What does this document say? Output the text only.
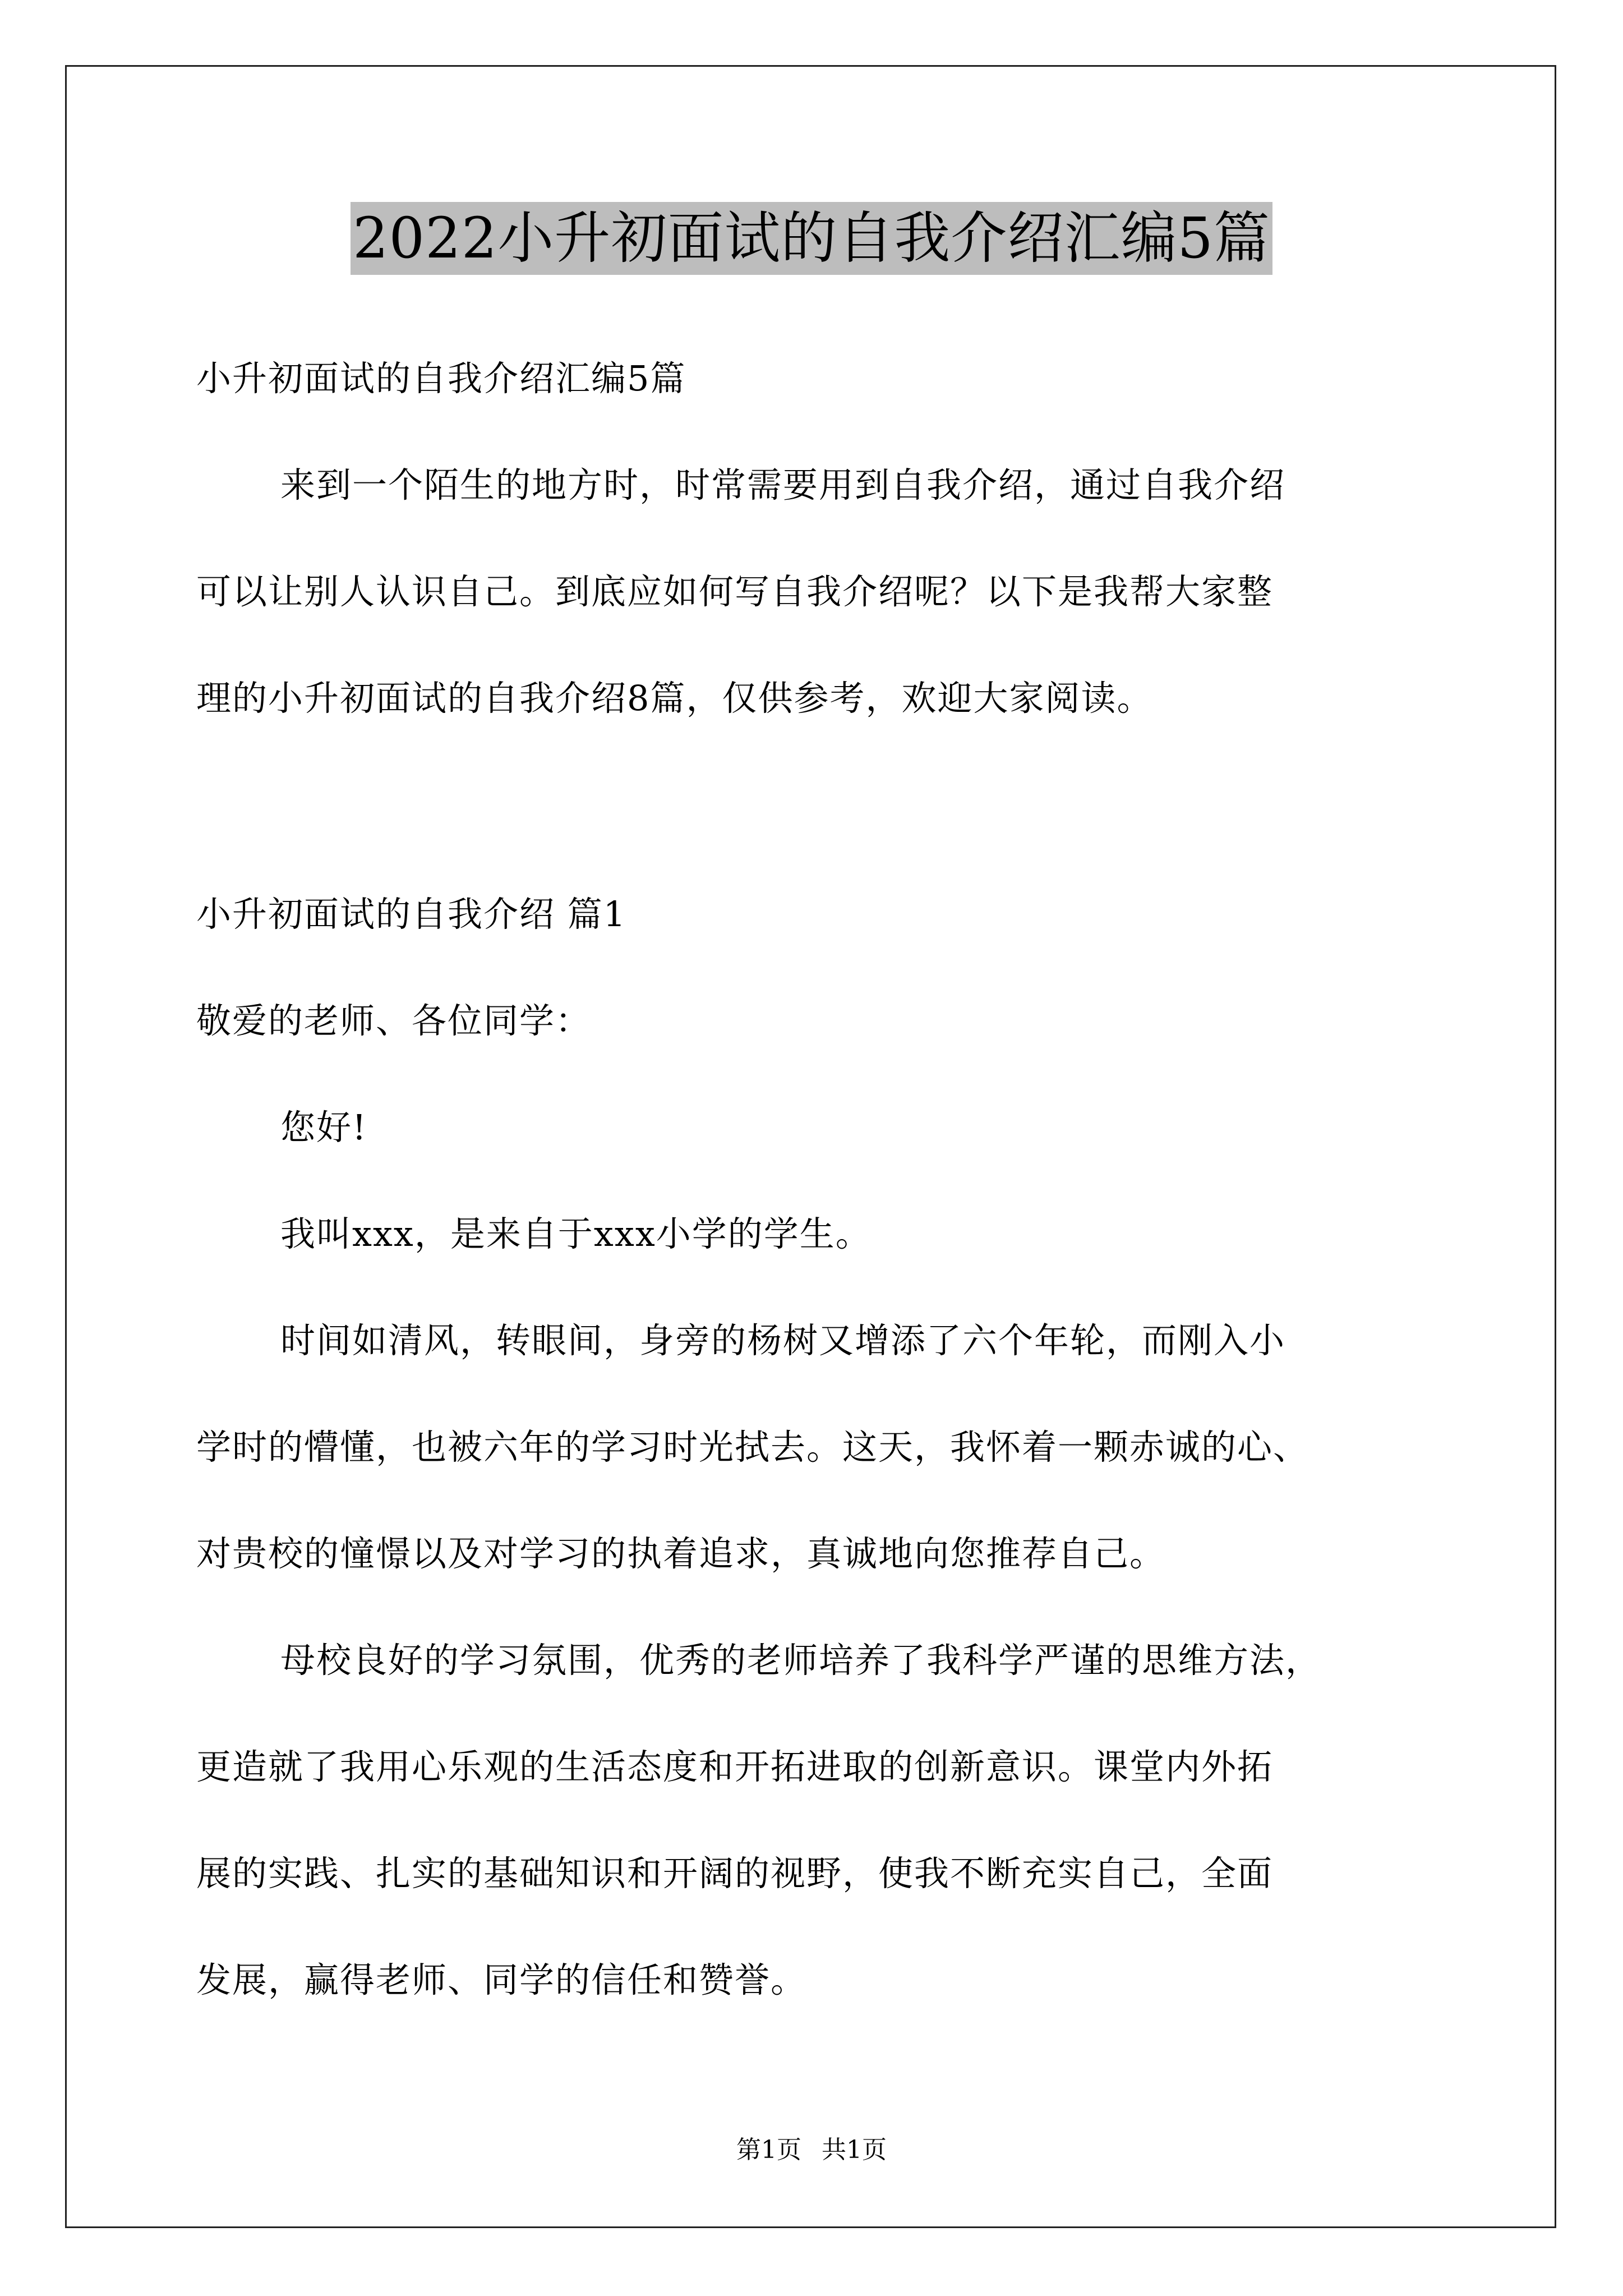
2022小升初面试的自我介绍汇编5篇
小升初面试的自我介绍汇编5篇
来到一个陌生的地方时，时常需要用到自我介绍，通过自我介绍
可以让别人认识自己。到底应如何写自我介绍呢？以下是我帮大家整
理的小升初面试的自我介绍8篇，仅供参考，欢迎大家阅读。
小升初面试的自我介绍 篇1
敬爱的老师、各位同学：
您好!
我叫xxx，是来自于xxx小学的学生。
时间如清风，转眼间，身旁的杨树又增添了六个年轮，而刚入小
学时的懵懂，也被六年的学习时光拭去。这天，我怀着一颗赤诚的心、
对贵校的憧憬以及对学习的执着追求，真诚地向您推荐自己。
母校良好的学习氛围，优秀的老师培养了我科学严谨的思维方法，
更造就了我用心乐观的生活态度和开拓进取的创新意识。课堂内外拓
展的实践、扎实的基础知识和开阔的视野，使我不断充实自己，全面
发展，赢得老师、同学的信任和赞誉。
第1页 共1页
